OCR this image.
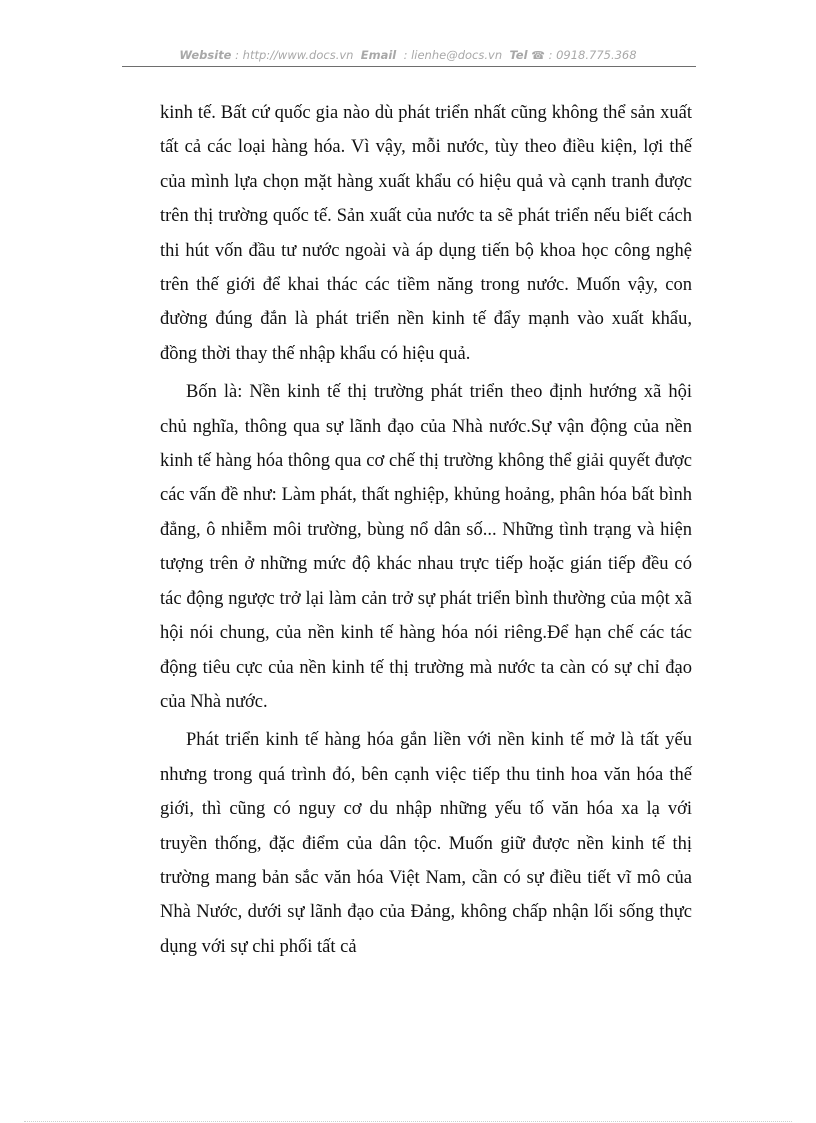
Website : http://www.docs.vn Email : lienhe@docs.vn Tel ☎ : 0918.775.368

kinh tế. Bất cứ quốc gia nào dù phát triển nhất cũng không thể sản xuất tất cả các loại hàng hóa. Vì vậy, mỗi nước, tùy theo điều kiện, lợi thế của mình lựa chọn mặt hàng xuất khẩu có hiệu quả và cạnh tranh được trên thị trường quốc tế. Sản xuất của nước ta sẽ phát triển nếu biết cách thi hút vốn đầu tư nước ngoài và áp dụng tiến bộ khoa học công nghệ trên thế giới để khai thác các tiềm năng trong nước. Muốn vậy, con đường đúng đắn là phát triển nền kinh tế đẩy mạnh vào xuất khẩu, đồng thời thay thế nhập khẩu có hiệu quả.

Bốn là: Nền kinh tế thị trường phát triển theo định hướng xã hội chủ nghĩa, thông qua sự lãnh đạo của Nhà nước.Sự vận động của nền kinh tế hàng hóa thông qua cơ chế thị trường không thể giải quyết được các vấn đề như: Làm phát, thất nghiệp, khủng hoảng, phân hóa bất bình đẳng, ô nhiễm môi trường, bùng nổ dân số... Những tình trạng và hiện tượng trên ở những mức độ khác nhau trực tiếp hoặc gián tiếp đều có tác động ngược trở lại làm cản trở sự phát triển bình thường của một xã hội nói chung, của nền kinh tế hàng hóa nói riêng.Để hạn chế các tác động tiêu cực của nền kinh tế thị trường mà nước ta càn có sự chỉ đạo của Nhà nước.

Phát triển kinh tế hàng hóa gắn liền với nền kinh tế mở là tất yếu nhưng trong quá trình đó, bên cạnh việc tiếp thu tinh hoa văn hóa thế giới, thì cũng có nguy cơ du nhập những yếu tố văn hóa xa lạ với truyền thống, đặc điểm của dân tộc. Muốn giữ được nền kinh tế thị trường mang bản sắc văn hóa Việt Nam, cần có sự điều tiết vĩ mô của Nhà Nước, dưới sự lãnh đạo của Đảng, không chấp nhận lối sống thực dụng với sự chi phối tất cả
